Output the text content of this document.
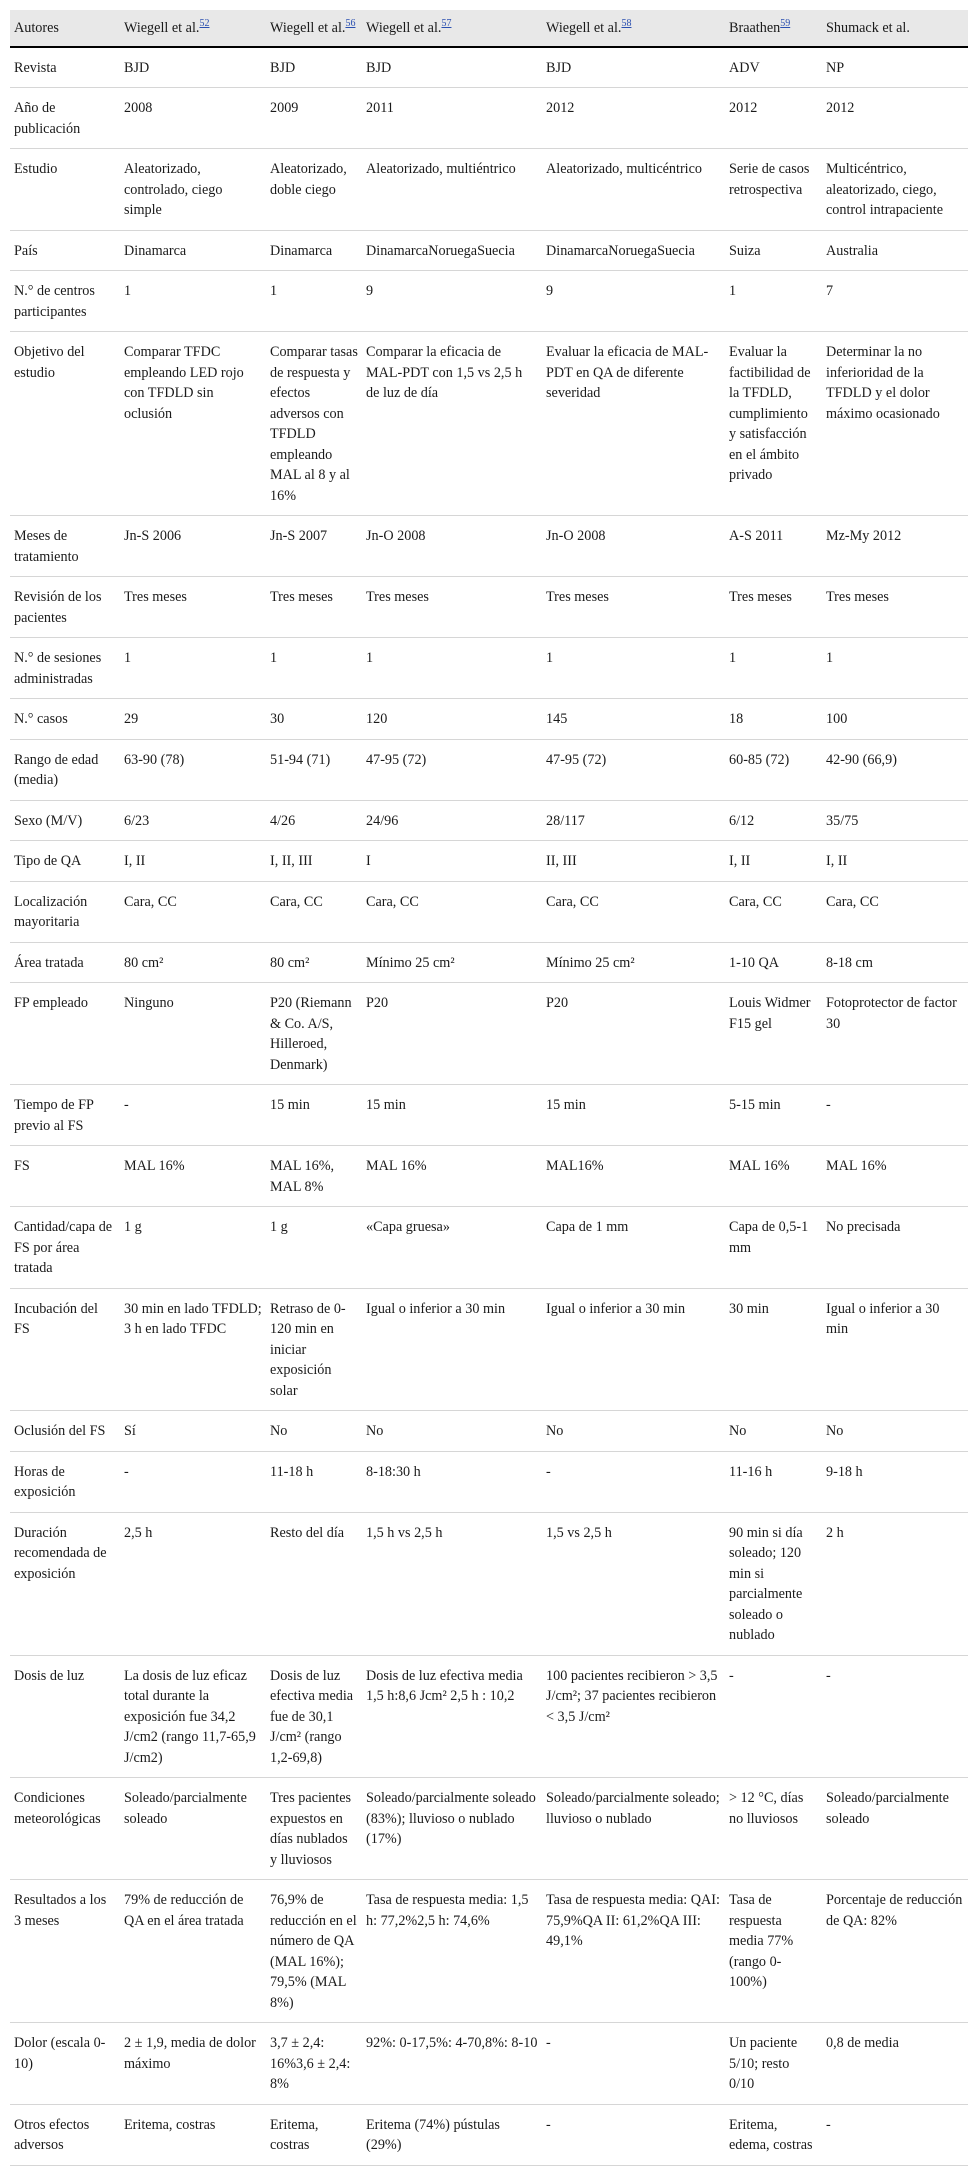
Autores	Wiegell et al.$^{52}$	Wiegell et al.$^{56}$	Wiegell et al.$^{57}$	Wiegell et al.$^{58}$	Braathen$^{59}$	Shumack et al.
Revista	BJD	BJD	BJD	BJD	ADV	NP
Año de publicación	2008	2009	2011	2012	2012	2012
Estudio	Aleatorizado, controlado, ciego simple	Aleatorizado, doble ciego	Aleatorizado, multiéntrico	Aleatorizado, multicéntrico	Serie de casos retrospectiva	Multicéntrico, aleatorizado, ciego, control intrapaciente
País	Dinamarca	Dinamarca	DinamarcaNoruegaSuecia	DinamarcaNoruegaSuecia	Suiza	Australia
N.° de centros participantes	1	1	9	9	1	7
Objetivo del estudio	Comparar TFDC empleando LED rojo con TFDLD sin oclusión	Comparar tasas de respuesta y efectos adversos con TFDLD empleando MAL al 8 y al 16%	Comparar la eficacia de MAL-PDT con 1,5 vs 2,5 h de luz de día	Evaluar la eficacia de MAL-PDT en QA de diferente severidad	Evaluar la factibilidad de la TFDLD, cumplimiento y satisfacción en el ámbito privado	Determinar la no inferioridad de la TFDLD y el dolor máximo ocasionado
Meses de tratamiento	Jn-S 2006	Jn-S 2007	Jn-O 2008	Jn-O 2008	A-S 2011	Mz-My 2012
Revisión de los pacientes	Tres meses	Tres meses	Tres meses	Tres meses	Tres meses	Tres meses
N.° de sesiones administradas	1	1	1	1	1	1
N.° casos	29	30	120	145	18	100
Rango de edad (media)	63-90 (78)	51-94 (71)	47-95 (72)	47-95 (72)	60-85 (72)	42-90 (66,9)
Sexo (M/V)	6/23	4/26	24/96	28/117	6/12	35/75
Tipo de QA	I, II	I, II, III	I	II, III	I, II	I, II
Localización mayoritaria	Cara, CC	Cara, CC	Cara, CC	Cara, CC	Cara, CC	Cara, CC
Área tratada	80 cm²	80 cm²	Mínimo 25 cm²	Mínimo 25 cm²	1-10 QA	8-18 cm
FP empleado	Ninguno	P20 (Riemann & Co. A/S, Hilleroed, Denmark)	P20	P20	Louis Widmer F15 gel	Fotoprotector de factor 30
Tiempo de FP previo al FS	-	15 min	15 min	15 min	5-15 min	-
FS	MAL 16%	MAL 16%, MAL 8%	MAL 16%	MAL16%	MAL 16%	MAL 16%
Cantidad/capa de FS por área tratada	1 g	1 g	«Capa gruesa»	Capa de 1 mm	Capa de 0,5-1 mm	No precisada
Incubación del FS	30 min en lado TFDLD; 3 h en lado TFDC	Retraso de 0-120 min en iniciar exposición solar	Igual o inferior a 30 min	Igual o inferior a 30 min	30 min	Igual o inferior a 30 min
Oclusión del FS	Sí	No	No	No	No	No
Horas de exposición	-	11-18 h	8-18:30 h	-	11-16 h	9-18 h
Duración recomendada de exposición	2,5 h	Resto del día	1,5 h vs 2,5 h	1,5 vs 2,5 h	90 min si día soleado; 120 min si parcialmente soleado o nublado	2 h
Dosis de luz	La dosis de luz eficaz total durante la exposición fue 34,2 J/cm2 (rango 11,7-65,9 J/cm2)	Dosis de luz efectiva media fue de 30,1 J/cm² (rango 1,2-69,8)	Dosis de luz efectiva media 1,5 h:8,6 Jcm² 2,5 h : 10,2	100 pacientes recibieron > 3,5 J/cm²; 37 pacientes recibieron < 3,5 J/cm²	-	-
Condiciones meteorológicas	Soleado/parcialmente soleado	Tres pacientes expuestos en días nublados y lluviosos	Soleado/parcialmente soleado (83%); lluvioso o nublado (17%)	Soleado/parcialmente soleado; lluvioso o nublado	> 12 °C, días no lluviosos	Soleado/parcialmente soleado
Resultados a los 3 meses	79% de reducción de QA en el área tratada	76,9% de reducción en el número de QA (MAL 16%); 79,5% (MAL 8%)	Tasa de respuesta media: 1,5 h: 77,2%2,5 h: 74,6%	Tasa de respuesta media: QAI: 75,9%QA II: 61,2%QA III: 49,1%	Tasa de respuesta media 77% (rango 0-100%)	Porcentaje de reducción de QA: 82%
Dolor (escala 0-10)	2 ± 1,9, media de dolor máximo	3,7 ± 2,4: 16%3,6 ± 2,4: 8%	92%: 0-17,5%: 4-70,8%: 8-10	-	Un paciente 5/10; resto 0/10	0,8 de media
Otros efectos adversos	Eritema, costras	Eritema, costras	Eritema (74%) pústulas (29%)	-	Eritema, edema, costras	-
